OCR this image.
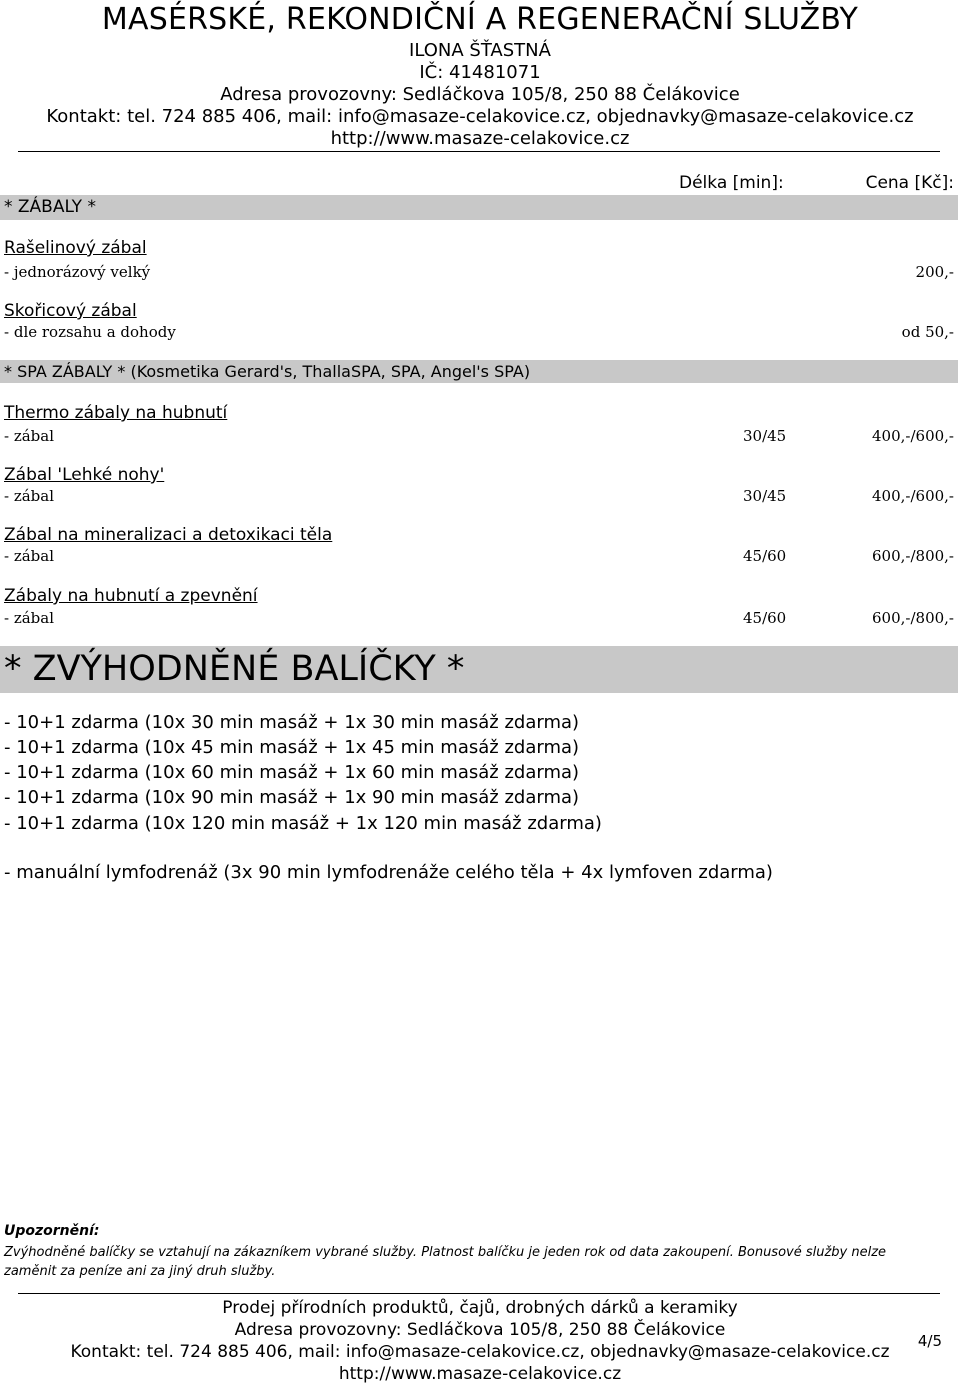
MASÉRSKÉ, REKONDIČNÍ A REGENERAČNÍ SLUŽBY
ILONA ŠŤASTNÁ
IČ: 41481071
Adresa provozovny: Sedláčkova 105/8, 250 88 Čelákovice
Kontakt: tel. 724 885 406, mail: info@masaze-celakovice.cz, objednavky@masaze-celakovice.cz
http://www.masaze-celakovice.cz
Délka [min]:	Cena [Kč]:
* ZÁBALY *
Rašelinový zábal
- jednorázový velký	200,-
Skořicový zábal
- dle rozsahu a dohody	od 50,-
* SPA ZÁBALY * (Kosmetika Gerard's, ThallaSPA, SPA, Angel's SPA)
Thermo zábaly na hubnutí
- zábal	30/45	400,-/600,-
Zábal 'Lehké nohy'
- zábal	30/45	400,-/600,-
Zábal na mineralizaci a detoxikaci těla
- zábal	45/60	600,-/800,-
Zábaly na hubnutí a zpevnění
- zábal	45/60	600,-/800,-
* ZVÝHODNĚNÉ BALÍČKY *
- 10+1 zdarma (10x 30 min masáž + 1x 30 min masáž zdarma)
- 10+1 zdarma (10x 45 min masáž + 1x 45 min masáž zdarma)
- 10+1 zdarma (10x 60 min masáž + 1x 60 min masáž zdarma)
- 10+1 zdarma (10x 90 min masáž + 1x 90 min masáž zdarma)
- 10+1 zdarma (10x 120 min masáž + 1x 120 min masáž zdarma)
- manuální lymfodrenáž (3x 90 min lymfodrenáže celého těla + 4x lymfoven zdarma)
Upozornění:
Zvýhodněné balíčky se vztahují na zákazníkem vybrané služby. Platnost balíčku je jeden rok od data zakoupení. Bonusové služby nelze
zaměnit za peníze ani za jiný druh služby.
Prodej přírodních produktů, čajů, drobných dárků a keramiky
Adresa provozovny: Sedláčkova 105/8, 250 88 Čelákovice
Kontakt: tel. 724 885 406, mail: info@masaze-celakovice.cz, objednavky@masaze-celakovice.cz
http://www.masaze-celakovice.cz
4/5
